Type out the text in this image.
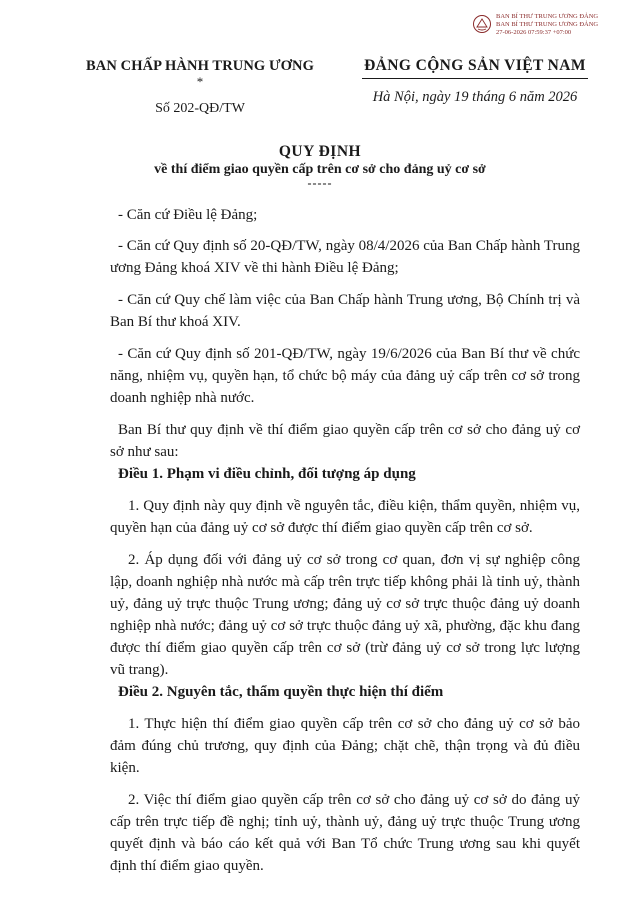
BAN BÍ THƯ TRUNG ƯƠNG ĐẢNG
BAN BÍ THƯ TRUNG ƯƠNG ĐẢNG
27-06-2026 07:59:37 +07:00
BAN CHẤP HÀNH TRUNG ƯƠNG
*
Số 202-QĐ/TW
ĐẢNG CỘNG SẢN VIỆT NAM
Hà Nội, ngày 19 tháng 6 năm 2026
QUY ĐỊNH
về thí điểm giao quyền cấp trên cơ sở cho đảng uỷ cơ sở
-----

- Căn cứ Điều lệ Đảng;

- Căn cứ Quy định số 20-QĐ/TW, ngày 08/4/2026 của Ban Chấp hành Trung ương Đảng khoá XIV về thi hành Điều lệ Đảng;

- Căn cứ Quy chế làm việc của Ban Chấp hành Trung ương, Bộ Chính trị và Ban Bí thư khoá XIV.

- Căn cứ Quy định số 201-QĐ/TW, ngày 19/6/2026 của Ban Bí thư về chức năng, nhiệm vụ, quyền hạn, tổ chức bộ máy của đảng uỷ cấp trên cơ sở trong doanh nghiệp nhà nước.

Ban Bí thư quy định về thí điểm giao quyền cấp trên cơ sở cho đảng uỷ cơ sở như sau:

Điều 1. Phạm vi điều chỉnh, đối tượng áp dụng

1. Quy định này quy định về nguyên tắc, điều kiện, thẩm quyền, nhiệm vụ, quyền hạn của đảng uỷ cơ sở được thí điểm giao quyền cấp trên cơ sở.

2. Áp dụng đối với đảng uỷ cơ sở trong cơ quan, đơn vị sự nghiệp công lập, doanh nghiệp nhà nước mà cấp trên trực tiếp không phải là tỉnh uỷ, thành uỷ, đảng uỷ trực thuộc Trung ương; đảng uỷ cơ sở trực thuộc đảng uỷ doanh nghiệp nhà nước; đảng uỷ cơ sở trực thuộc đảng uỷ xã, phường, đặc khu đang được thí điểm giao quyền cấp trên cơ sở (trừ đảng uỷ cơ sở trong lực lượng vũ trang).

Điều 2. Nguyên tắc, thẩm quyền thực hiện thí điểm

1. Thực hiện thí điểm giao quyền cấp trên cơ sở cho đảng uỷ cơ sở bảo đảm đúng chủ trương, quy định của Đảng; chặt chẽ, thận trọng và đủ điều kiện.

2. Việc thí điểm giao quyền cấp trên cơ sở cho đảng uỷ cơ sở do đảng uỷ cấp trên trực tiếp đề nghị; tỉnh uỷ, thành uỷ, đảng uỷ trực thuộc Trung ương quyết định và báo cáo kết quả với Ban Tổ chức Trung ương sau khi quyết định thí điểm giao quyền.
